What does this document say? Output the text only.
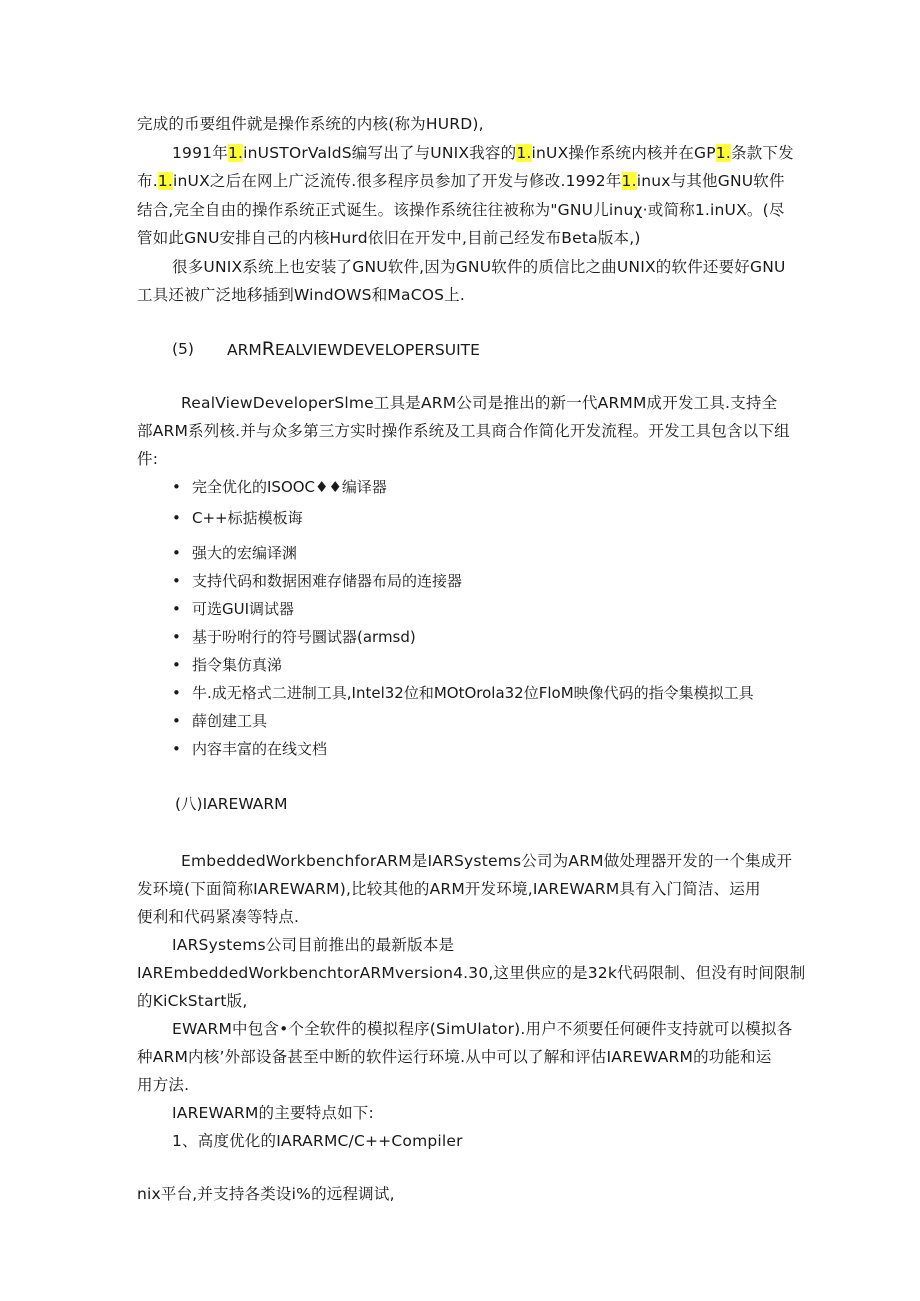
完成的币要组件就是操作系统的内核(称为HURD),
1991年1.inUSTOrValdS编写出了与UNIX我容的1.inUX操作系统内核并在GP1.条款下发
布.1.inUX之后在网上广泛流传.很多程序员参加了开发与修改.1992年1.inux与其他GNU软件
结合,完全自由的操作系统正式诞生。该操作系统往往被称为"GNU儿inuχ·或简称1.inUX。(尽
管如此GNU安排自己的内核Hurd依旧在开发中,目前己经发布Beta版本,)
很多UNIX系统上也安装了GNU软件,因为GNU软件的质信比之曲UNIX的软件还要好GNU
工具还被广泛地移插到WindOWS和MaCOS上.
(5) ARMREALVIEWDEVELOPERSUITE
RealViewDeveloperSlme工具是ARM公司是推出的新一代ARMM成开发工具.支持全
部ARM系列核.并与众多第三方实时操作系统及工具商合作简化开发流程。开发工具包含以下组
件:
• 完全优化的ISOOC♦♦编译器
• C++标掂模板诲
• 强大的宏编译渊
• 支持代码和数据困难存储器布局的连接器
• 可选GUI调试器
• 基于吩咐行的符号圜试器(armsd)
• 指令集仿真涕
• 牛.成无格式二进制工具,Intel32位和MOtOrola32位FloM映像代码的指令集模拟工具
• 薛创建工具
• 内容丰富的在线文档
(八)IAREWARM
EmbeddedWorkbenchforARM是IARSystems公司为ARM做处理器开发的一个集成开
发环境(下面简称IAREWARM),比较其他的ARM开发环境,IAREWARM具有入门简洁、运用
便利和代码紧凑等特点.
IARSystems公司目前推出的最新版本是
IAREmbeddedWorkbenchtorARMversion4.30,这里供应的是32k代码限制、但没有时间限制
的KiCkStart版,
EWARM中包含•个全软件的模拟程序(SimUlator).用户不须要任何硬件支持就可以模拟各
种ARM内核’外部设备甚至中断的软件运行环境.从中可以了解和评估IAREWARM的功能和运
用方法.
IAREWARM的主要特点如下:
1、高度优化的IARARMC/C++Compiler
nix平台,并支持各类设i%的远程调试,
